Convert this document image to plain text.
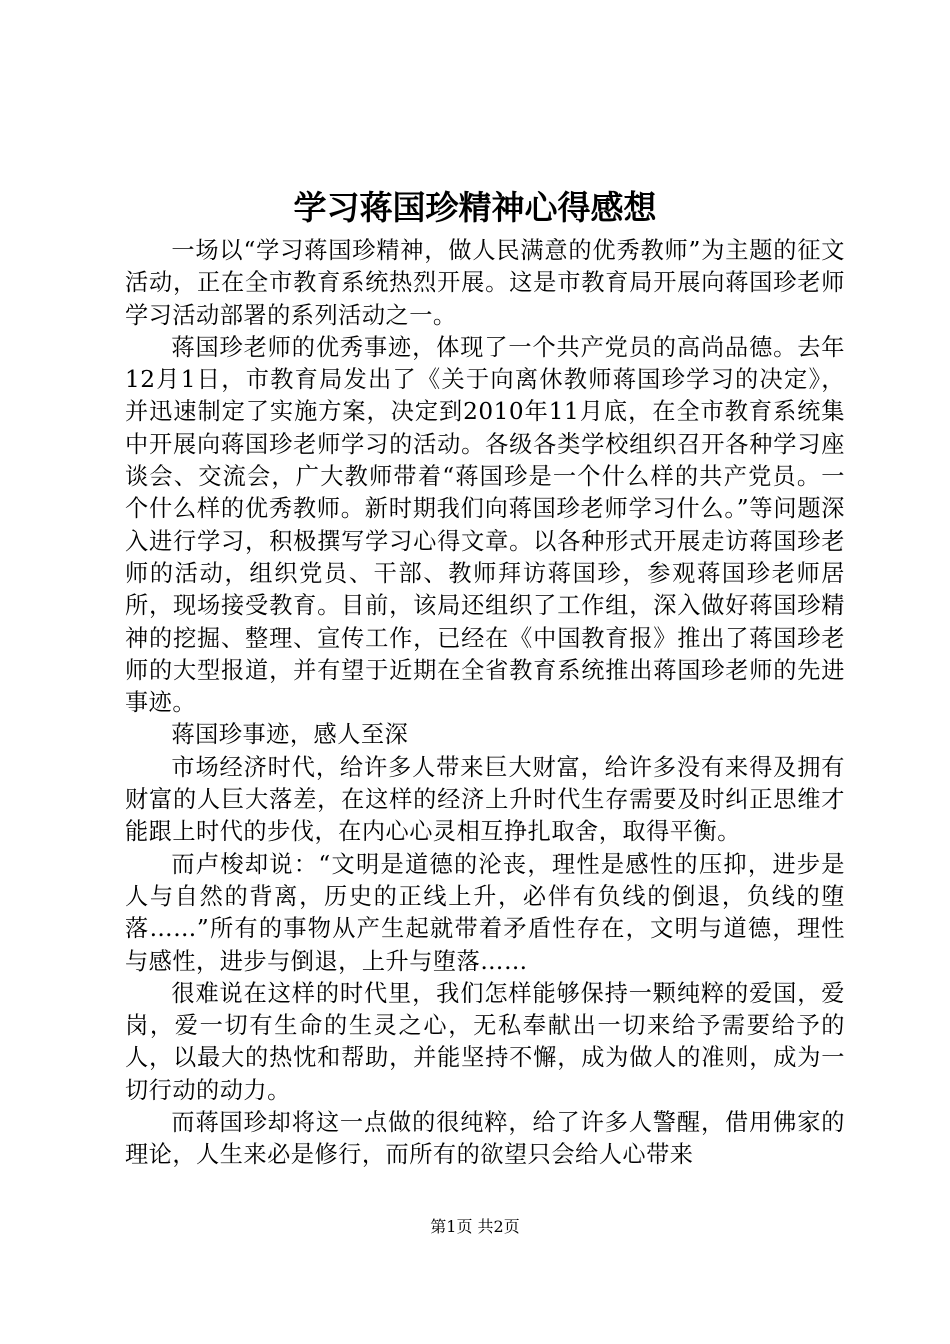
学习蒋国珍精神心得感想

一场以“学习蒋国珍精神，做人民满意的优秀教师”为主题的征文活动，正在全市教育系统热烈开展。这是市教育局开展向蒋国珍老师学习活动部署的系列活动之一。

蒋国珍老师的优秀事迹，体现了一个共产党员的高尚品德。去年12月1日，市教育局发出了《关于向离休教师蒋国珍学习的决定》，并迅速制定了实施方案，决定到2010年11月底，在全市教育系统集中开展向蒋国珍老师学习的活动。各级各类学校组织召开各种学习座谈会、交流会，广大教师带着“蒋国珍是一个什么样的共产党员。一个什么样的优秀教师。新时期我们向蒋国珍老师学习什么。”等问题深入进行学习，积极撰写学习心得文章。以各种形式开展走访蒋国珍老师的活动，组织党员、干部、教师拜访蒋国珍，参观蒋国珍老师居所，现场接受教育。目前，该局还组织了工作组，深入做好蒋国珍精神的挖掘、整理、宣传工作，已经在《中国教育报》推出了蒋国珍老师的大型报道，并有望于近期在全省教育系统推出蒋国珍老师的先进事迹。

蒋国珍事迹，感人至深

市场经济时代，给许多人带来巨大财富，给许多没有来得及拥有财富的人巨大落差，在这样的经济上升时代生存需要及时纠正思维才能跟上时代的步伐，在内心心灵相互挣扎取舍，取得平衡。

而卢梭却说：“文明是道德的沦丧，理性是感性的压抑，进步是人与自然的背离，历史的正线上升，必伴有负线的倒退，负线的堕落……”所有的事物从产生起就带着矛盾性存在，文明与道德，理性与感性，进步与倒退，上升与堕落……

很难说在这样的时代里，我们怎样能够保持一颗纯粹的爱国，爱岗，爱一切有生命的生灵之心，无私奉献出一切来给予需要给予的人，以最大的热忱和帮助，并能坚持不懈，成为做人的准则，成为一切行动的动力。

而蒋国珍却将这一点做的很纯粹，给了许多人警醒，借用佛家的理论，人生来必是修行，而所有的欲望只会给人心带来

第1页 共2页
